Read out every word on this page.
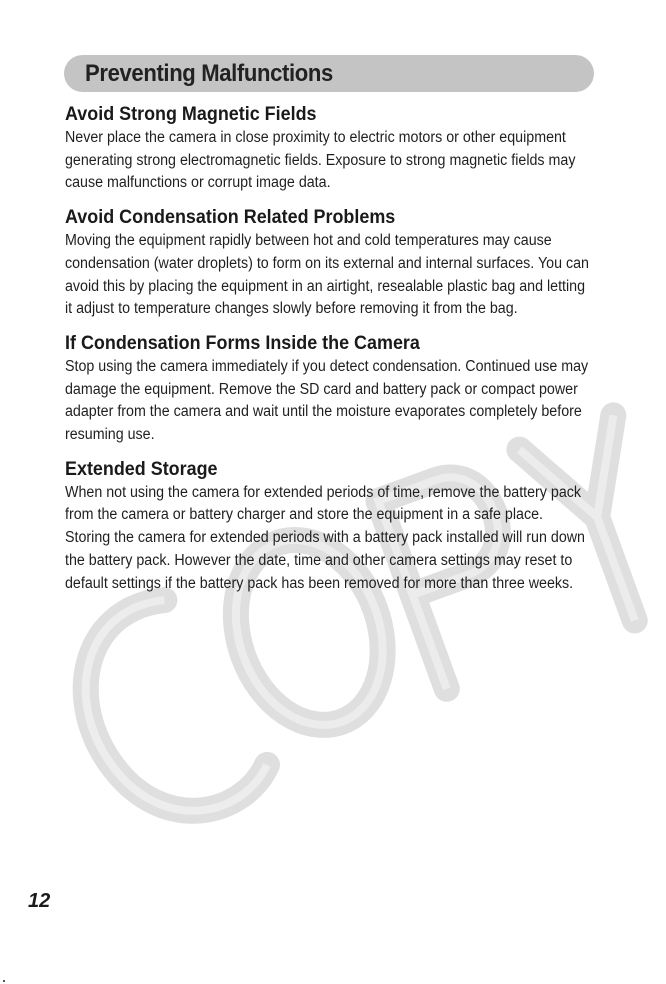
Preventing Malfunctions
Avoid Strong Magnetic Fields

Never place the camera in close proximity to electric motors or other equipment generating strong electromagnetic fields. Exposure to strong magnetic fields may cause malfunctions or corrupt image data.

Avoid Condensation Related Problems

Moving the equipment rapidly between hot and cold temperatures may cause condensation (water droplets) to form on its external and internal surfaces. You can avoid this by placing the equipment in an airtight, resealable plastic bag and letting it adjust to temperature changes slowly before removing it from the bag.

If Condensation Forms Inside the Camera

Stop using the camera immediately if you detect condensation. Continued use may damage the equipment. Remove the SD card and battery pack or compact power adapter from the camera and wait until the moisture evaporates completely before resuming use.

Extended Storage

When not using the camera for extended periods of time, remove the battery pack from the camera or battery charger and store the equipment in a safe place. Storing the camera for extended periods with a battery pack installed will run down the battery pack. However the date, time and other camera settings may reset to default settings if the battery pack has been removed for more than three weeks.

12
